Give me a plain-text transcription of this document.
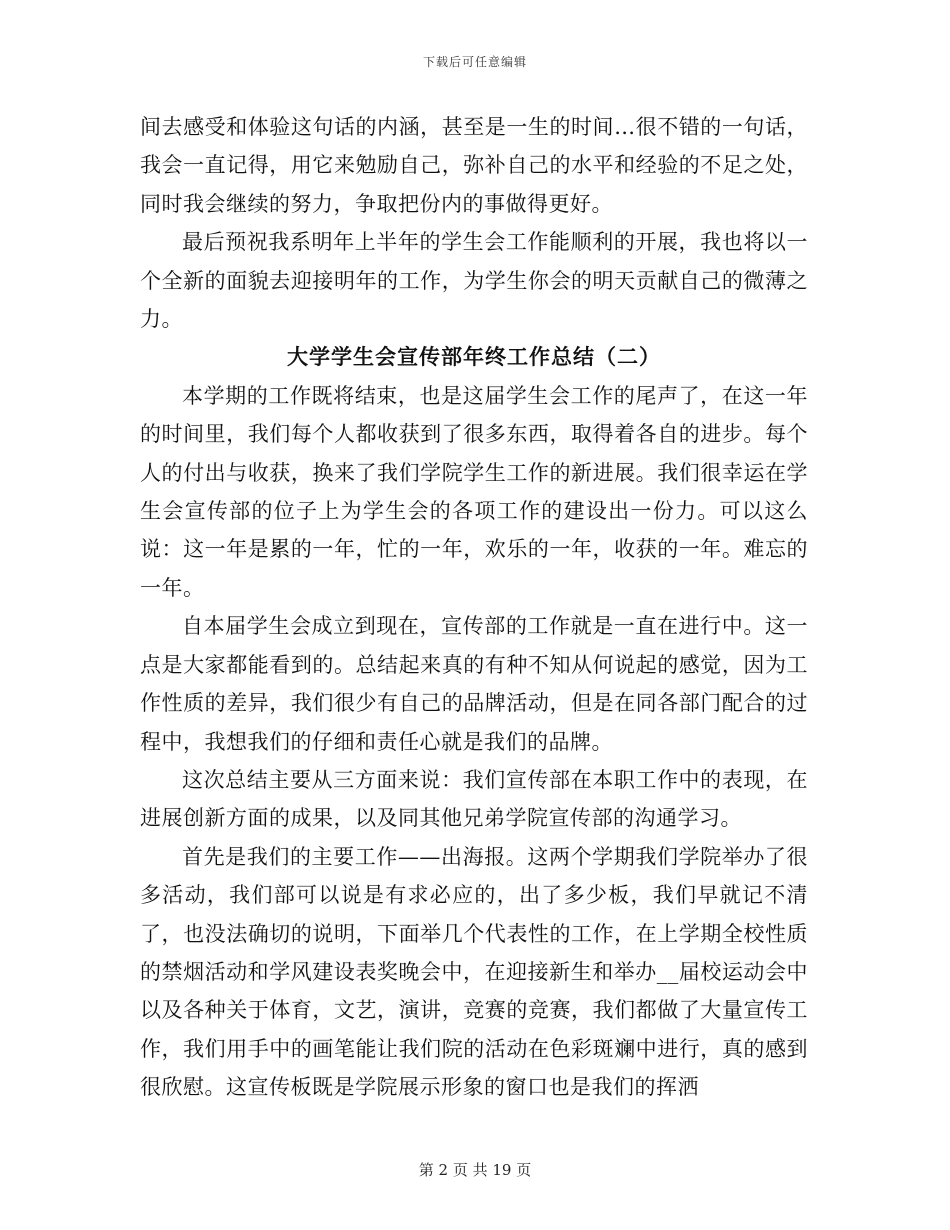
下载后可任意编辑

间去感受和体验这句话的内涵，甚至是一生的时间…很不错的一句话，我会一直记得，用它来勉励自己，弥补自己的水平和经验的不足之处，同时我会继续的努力，争取把份内的事做得更好。

最后预祝我系明年上半年的学生会工作能顺利的开展，我也将以一个全新的面貌去迎接明年的工作，为学生你会的明天贡献自己的微薄之力。

大学学生会宣传部年终工作总结（二）

本学期的工作既将结束，也是这届学生会工作的尾声了，在这一年的时间里，我们每个人都收获到了很多东西，取得着各自的进步。每个人的付出与收获，换来了我们学院学生工作的新进展。我们很幸运在学生会宣传部的位子上为学生会的各项工作的建设出一份力。可以这么说：这一年是累的一年，忙的一年，欢乐的一年，收获的一年。难忘的一年。

自本届学生会成立到现在，宣传部的工作就是一直在进行中。这一点是大家都能看到的。总结起来真的有种不知从何说起的感觉，因为工作性质的差异，我们很少有自己的品牌活动，但是在同各部门配合的过程中，我想我们的仔细和责任心就是我们的品牌。

这次总结主要从三方面来说：我们宣传部在本职工作中的表现，在进展创新方面的成果，以及同其他兄弟学院宣传部的沟通学习。

首先是我们的主要工作——出海报。这两个学期我们学院举办了很多活动，我们部可以说是有求必应的，出了多少板，我们早就记不清了，也没法确切的说明，下面举几个代表性的工作，在上学期全校性质的禁烟活动和学风建设表奖晚会中，在迎接新生和举办__届校运动会中以及各种关于体育，文艺，演讲，竞赛的竞赛，我们都做了大量宣传工作，我们用手中的画笔能让我们院的活动在色彩斑斓中进行，真的感到很欣慰。这宣传板既是学院展示形象的窗口也是我们的挥洒

第 2 页 共 19 页
